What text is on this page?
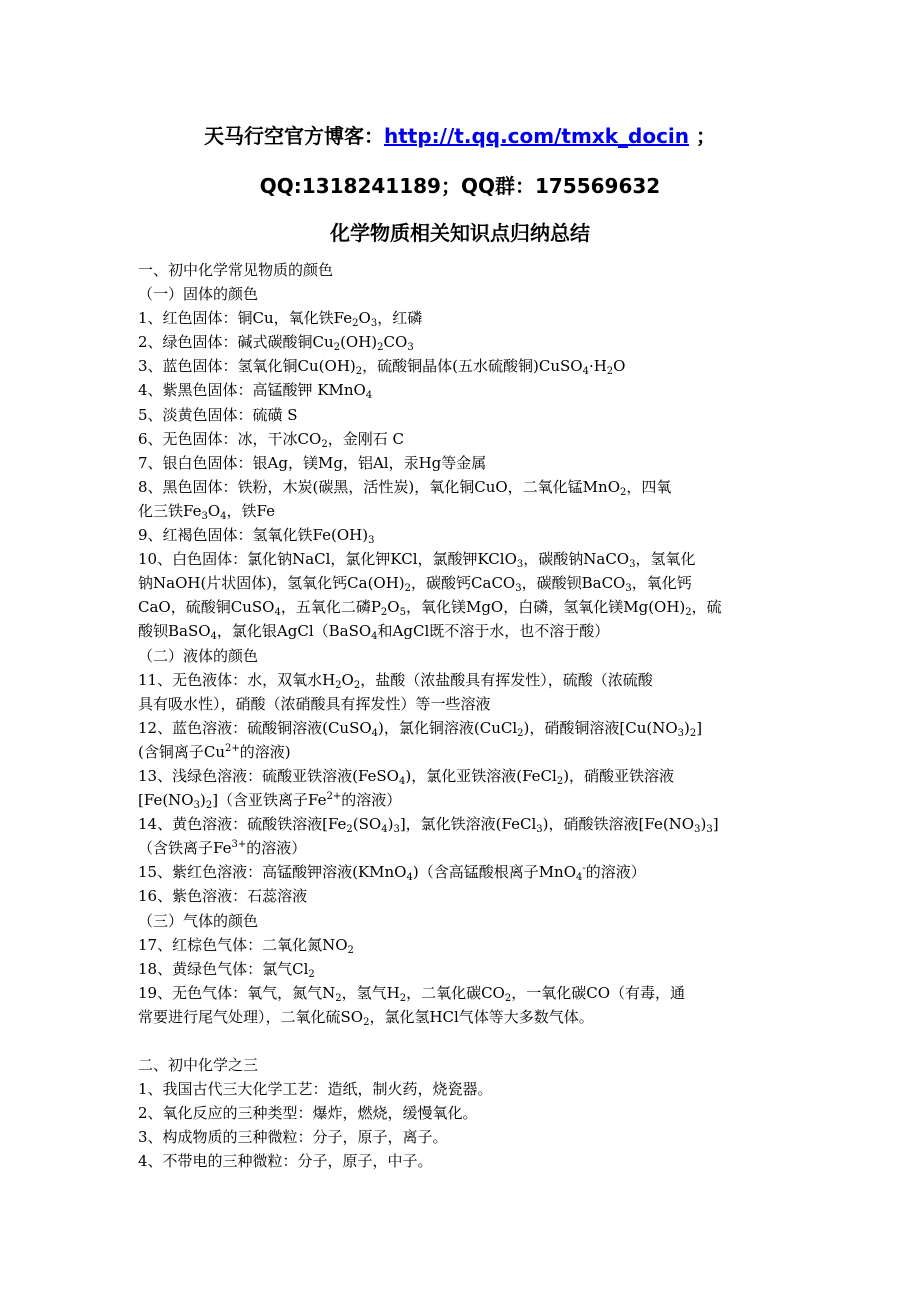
天马行空官方博客：http://t.qq.com/tmxk_docin ；
QQ:1318241189；QQ群：175569632
化学物质相关知识点归纳总结
一、初中化学常见物质的颜色
（一）固体的颜色
1、红色固体：铜Cu，氧化铁$Fe_2O_3$，红磷
2、绿色固体：碱式碳酸铜$Cu_2(OH)_2CO_3$
3、蓝色固体：氢氧化铜$Cu(OH)_2$，硫酸铜晶体(五水硫酸铜)$CuSO_4\cdot H_2O$
4、紫黑色固体：高锰酸钾 KMnO$_4$
5、淡黄色固体：硫磺 S
6、无色固体：冰，干冰$CO_2$，金刚石 C
7、银白色固体：银Ag，镁Mg，铝Al，汞Hg等金属
8、黑色固体：铁粉，木炭(碳黑，活性炭)，氧化铜CuO，二氧化锰MnO$_2$，四氧
化三铁$Fe_3O_4$，铁Fe
9、红褐色固体：氢氧化铁$Fe(OH)_3$
10、白色固体：氯化钠NaCl，氯化钾KCl，氯酸钾KClO$_3$，碳酸钠NaCO$_3$，氢氧化
钠NaOH(片状固体)，氢氧化钙$Ca(OH)_2$，碳酸钙CaCO$_3$，碳酸钡BaCO$_3$，氧化钙
CaO，硫酸铜CuSO$_4$，五氧化二磷$P_2O_5$，氧化镁MgO，白磷，氢氧化镁$Mg(OH)_2$，硫
酸钡BaSO$_4$，氯化银AgCl（BaSO$_4$和AgCl既不溶于水，也不溶于酸）
（二）液体的颜色
11、无色液体：水，双氧水$H_2O_2$，盐酸（浓盐酸具有挥发性），硫酸（浓硫酸
具有吸水性），硝酸（浓硝酸具有挥发性）等一些溶液
12、蓝色溶液：硫酸铜溶液(CuSO$_4$)，氯化铜溶液(CuCl$_2$)，硝酸铜溶液$[Cu(NO_3)_2]$
(含铜离子$Cu^{2+}$的溶液)
13、浅绿色溶液：硫酸亚铁溶液(FeSO$_4$)，氯化亚铁溶液(FeCl$_2$)，硝酸亚铁溶液
$[Fe(NO_3)_2]$（含亚铁离子$Fe^{2+}$的溶液）
14、黄色溶液：硫酸铁溶液$[Fe_2(SO_4)_3]$，氯化铁溶液(FeCl$_3$)，硝酸铁溶液$[Fe(NO_3)_3]$
（含铁离子$Fe^{3+}$的溶液）
15、紫红色溶液：高锰酸钾溶液(KMnO$_4$)（含高锰酸根离子MnO$_4$-的溶液）
16、紫色溶液：石蕊溶液
（三）气体的颜色
17、红棕色气体：二氧化氮$NO_2$
18、黄绿色气体：氯气$Cl_2$
19、无色气体：氧气，氮气$N_2$，氢气$H_2$，二氧化碳$CO_2$，一氧化碳CO（有毒，通
常要进行尾气处理），二氧化硫$SO_2$，氯化氢HCl气体等大多数气体。
二、初中化学之三
1、我国古代三大化学工艺：造纸，制火药，烧瓷器。
2、氧化反应的三种类型：爆炸，燃烧，缓慢氧化。
3、构成物质的三种微粒：分子，原子，离子。
4、不带电的三种微粒：分子，原子，中子。
